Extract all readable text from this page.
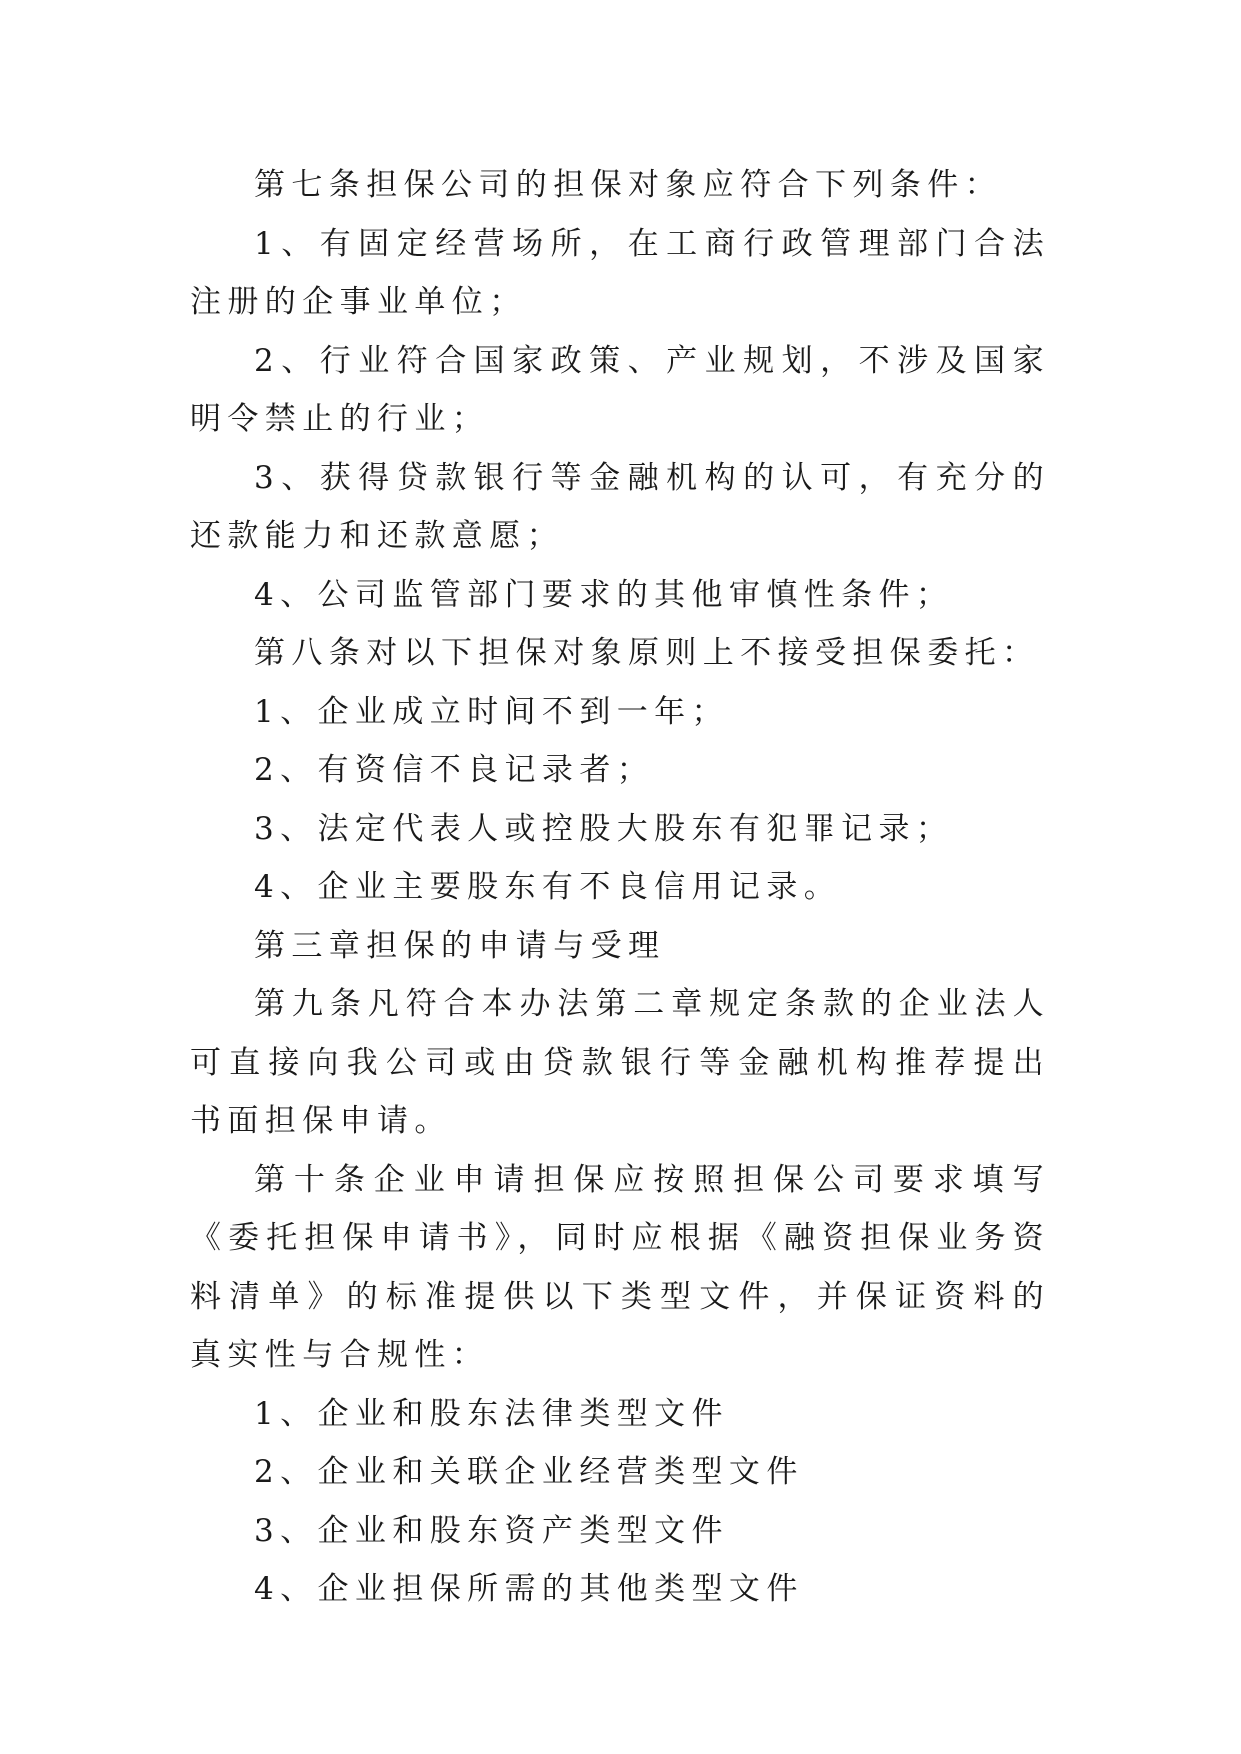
第七条担保公司的担保对象应符合下列条件：

1、有固定经营场所，在工商行政管理部门合法注册的企事业单位；

2、行业符合国家政策、产业规划，不涉及国家明令禁止的行业；

3、获得贷款银行等金融机构的认可，有充分的还款能力和还款意愿；

4、公司监管部门要求的其他审慎性条件；

第八条对以下担保对象原则上不接受担保委托：

1、企业成立时间不到一年；

2、有资信不良记录者；

3、法定代表人或控股大股东有犯罪记录；

4、企业主要股东有不良信用记录。

第三章担保的申请与受理

第九条凡符合本办法第二章规定条款的企业法人可直接向我公司或由贷款银行等金融机构推荐提出书面担保申请。

第十条企业申请担保应按照担保公司要求填写《委托担保申请书》，同时应根据《融资担保业务资料清单》的标准提供以下类型文件，并保证资料的真实性与合规性：

1、企业和股东法律类型文件

2、企业和关联企业经营类型文件

3、企业和股东资产类型文件

4、企业担保所需的其他类型文件
